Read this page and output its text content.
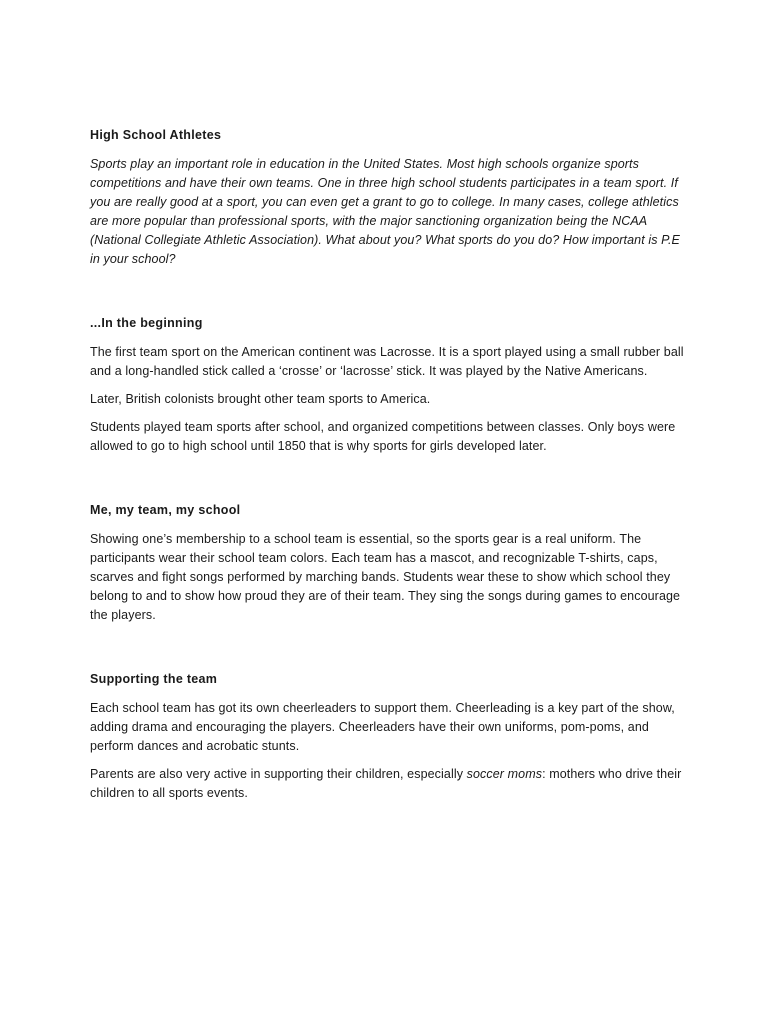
High School Athletes

Sports play an important role in education in the United States. Most high schools organize sports competitions and have their own teams. One in three high school students participates in a team sport. If you are really good at a sport, you can even get a grant to go to college. In many cases, college athletics are more popular than professional sports, with the major sanctioning organization being the NCAA (National Collegiate Athletic Association). What about you? What sports do you do? How important is P.E in your school?

...In the beginning

The first team sport on the American continent was Lacrosse. It is a sport played using a small rubber ball and a long-handled stick called a ‘crosse’ or ‘lacrosse’ stick. It was played by the Native Americans.

Later, British colonists brought other team sports to America.

Students played team sports after school, and organized competitions between classes. Only boys were allowed to go to high school until 1850 that is why sports for girls developed later.

Me, my team, my school

Showing one’s membership to a school team is essential, so the sports gear is a real uniform. The participants wear their school team colors. Each team has a mascot, and recognizable T-shirts, caps, scarves and fight songs performed by marching bands. Students wear these to show which school they belong to and to show how proud they are of their team. They sing the songs during games to encourage the players.

Supporting the team

Each school team has got its own cheerleaders to support them. Cheerleading is a key part of the show, adding drama and encouraging the players. Cheerleaders have their own uniforms, pom-poms, and perform dances and acrobatic stunts.

Parents are also very active in supporting their children, especially soccer moms: mothers who drive their children to all sports events.
